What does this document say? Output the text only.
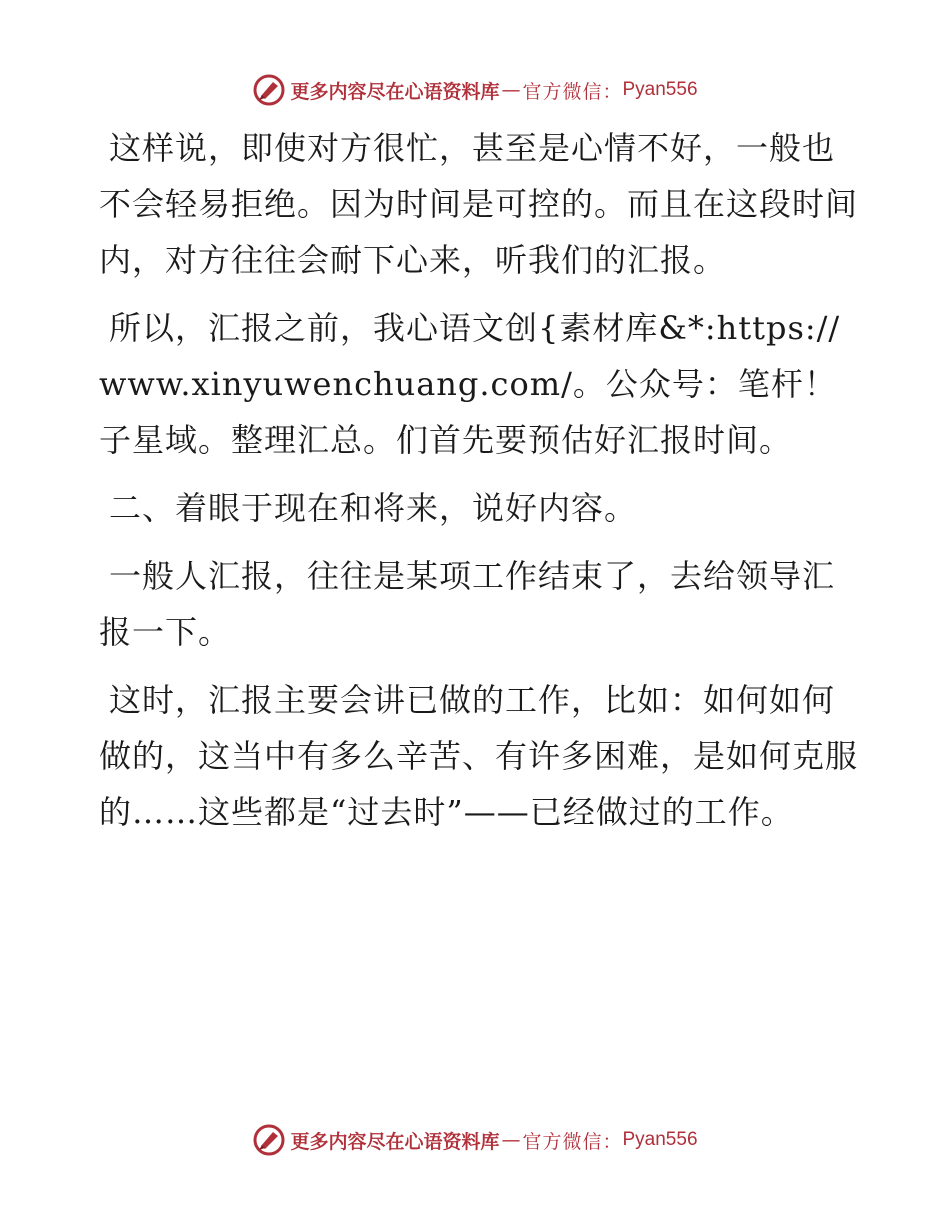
更多内容尽在心语资料库 — 官方微信： Pyan556

这样说，即使对方很忙，甚至是心情不好，一般也不会轻易拒绝。因为时间是可控的。而且在这段时间内，对方往往会耐下心来，听我们的汇报。

所以，汇报之前，我心语文创{素材库&*:https://www.xinyuwenchuang.com/。公众号：笔杆！子星域。整理汇总。们首先要预估好汇报时间。

二、着眼于现在和将来，说好内容。

一般人汇报，往往是某项工作结束了，去给领导汇报一下。

这时，汇报主要会讲已做的工作，比如：如何如何做的，这当中有多么辛苦、有许多困难，是如何克服的……这些都是“过去时”——已经做过的工作。

更多内容尽在心语资料库 — 官方微信： Pyan556
